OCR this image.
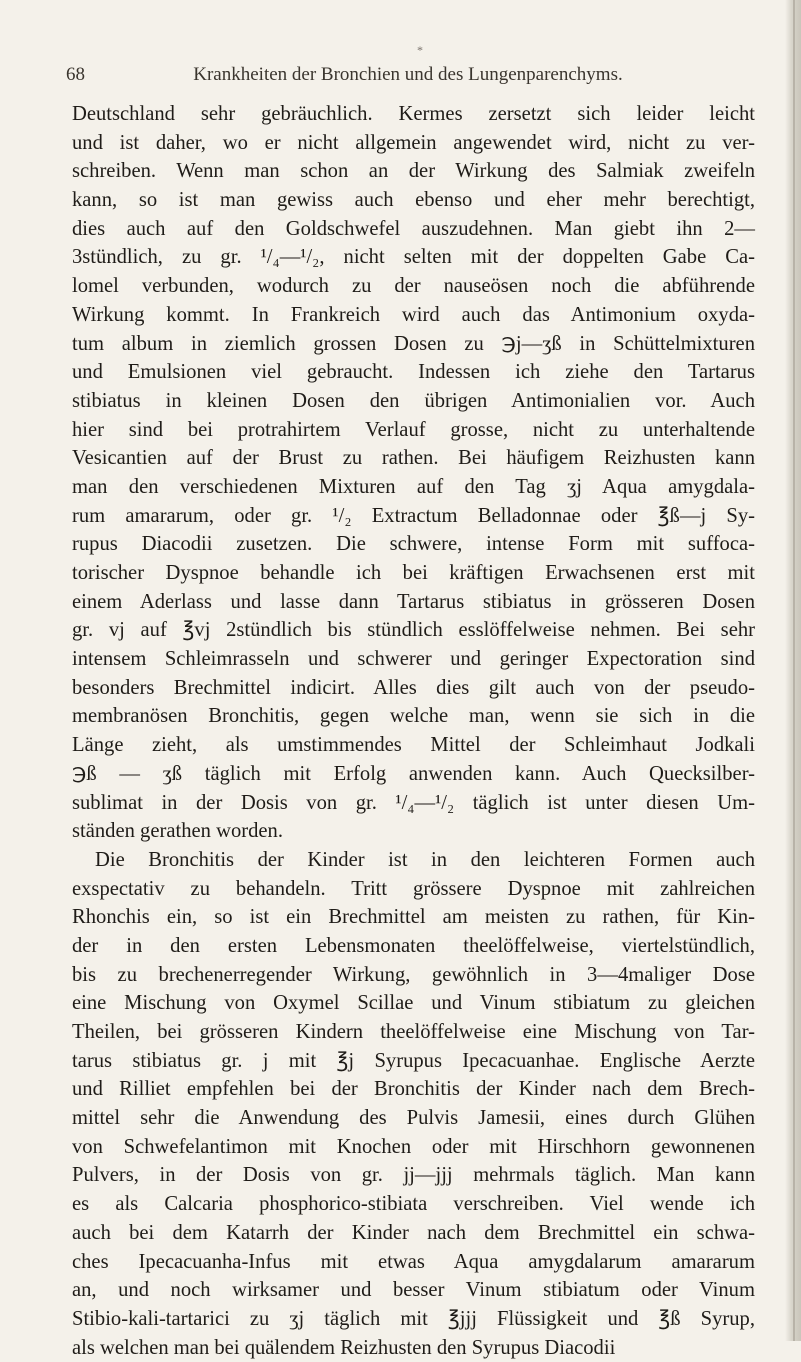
*
68	Krankheiten der Bronchien und des Lungenparenchyms.
Deutschland sehr gebräuchlich. Kermes zersetzt sich leider leicht
und ist daher, wo er nicht allgemein angewendet wird, nicht zu ver-
schreiben. Wenn man schon an der Wirkung des Salmiak zweifeln
kann, so ist man gewiss auch ebenso und eher mehr berechtigt,
dies auch auf den Goldschwefel auszudehnen. Man giebt ihn 2—
3stündlich, zu gr. ¹/₄—¹/₂, nicht selten mit der doppelten Gabe Ca-
lomel verbunden, wodurch zu der nauseösen noch die abführende
Wirkung kommt. In Frankreich wird auch das Antimonium oxyda-
tum album in ziemlich grossen Dosen zu ℈j—ʒß in Schüttelmixturen
und Emulsionen viel gebraucht. Indessen ich ziehe den Tartarus
stibiatus in kleinen Dosen den übrigen Antimonialien vor. Auch
hier sind bei protrahirtem Verlauf grosse, nicht zu unterhaltende
Vesicantien auf der Brust zu rathen. Bei häufigem Reizhusten kann
man den verschiedenen Mixturen auf den Tag ʒj Aqua amygdala-
rum amararum, oder gr. ¹/₂ Extractum Belladonnae oder ℥ß—j Sy-
rupus Diacodii zusetzen. Die schwere, intense Form mit suffoca-
torischer Dyspnoe behandle ich bei kräftigen Erwachsenen erst mit
einem Aderlass und lasse dann Tartarus stibiatus in grösseren Dosen
gr. vj auf ℥vj 2stündlich bis stündlich esslöffelweise nehmen. Bei sehr
intensem Schleimrasseln und schwerer und geringer Expectoration sind
besonders Brechmittel indicirt. Alles dies gilt auch von der pseudo-
membranösen Bronchitis, gegen welche man, wenn sie sich in die
Länge zieht, als umstimmendes Mittel der Schleimhaut Jodkali
℈ß — ʒß täglich mit Erfolg anwenden kann. Auch Quecksilber-
sublimat in der Dosis von gr. ¹/₄—¹/₂ täglich ist unter diesen Um-
ständen gerathen worden.
Die Bronchitis der Kinder ist in den leichteren Formen auch
exspectativ zu behandeln. Tritt grössere Dyspnoe mit zahlreichen
Rhonchis ein, so ist ein Brechmittel am meisten zu rathen, für Kin-
der in den ersten Lebensmonaten theelöffelweise, viertelstündlich,
bis zu brechenerregender Wirkung, gewöhnlich in 3—4maliger Dose
eine Mischung von Oxymel Scillae und Vinum stibiatum zu gleichen
Theilen, bei grösseren Kindern theelöffelweise eine Mischung von Tar-
tarus stibiatus gr. j mit ℥j Syrupus Ipecacuanhae. Englische Aerzte
und Rilliet empfehlen bei der Bronchitis der Kinder nach dem Brech-
mittel sehr die Anwendung des Pulvis Jamesii, eines durch Glühen
von Schwefelantimon mit Knochen oder mit Hirschhorn gewonnenen
Pulvers, in der Dosis von gr. jj—jjj mehrmals täglich. Man kann
es als Calcaria phosphorico-stibiata verschreiben. Viel wende ich
auch bei dem Katarrh der Kinder nach dem Brechmittel ein schwa-
ches Ipecacuanha-Infus mit etwas Aqua amygdalarum amararum
an, und noch wirksamer und besser Vinum stibiatum oder Vinum
Stibio-kali-tartarici zu ʒj täglich mit ℥jjj Flüssigkeit und ℥ß Syrup,
als welchen man bei quälendem Reizhusten den Syrupus Diacodii
